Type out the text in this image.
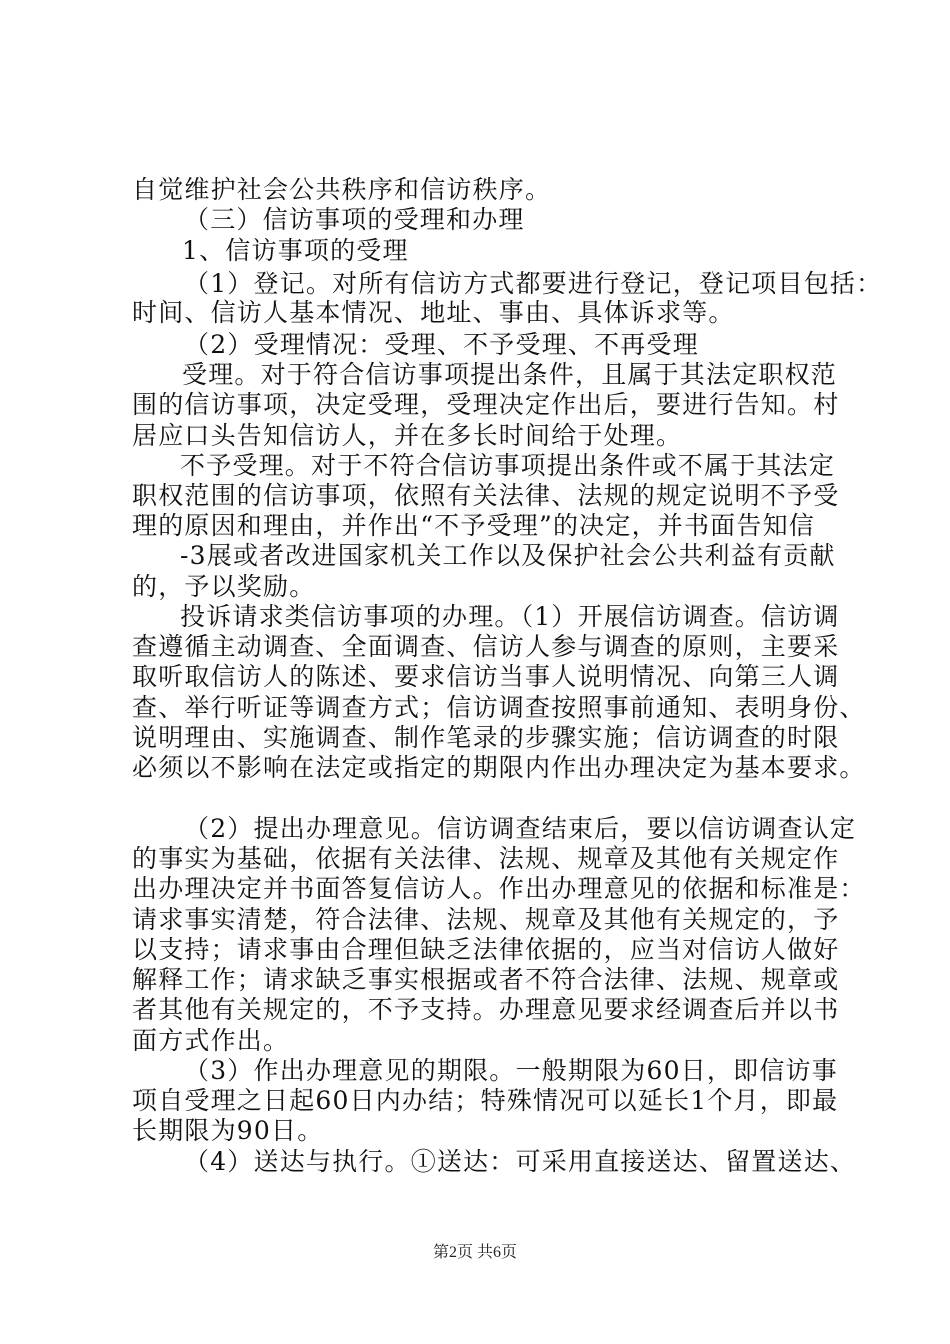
自觉维护社会公共秩序和信访秩序。
（三）信访事项的受理和办理
1、信访事项的受理
（1）登记。对所有信访方式都要进行登记，登记项目包括：
时间、信访人基本情况、地址、事由、具体诉求等。
（2）受理情况：受理、不予受理、不再受理
受理。对于符合信访事项提出条件，且属于其法定职权范
围的信访事项，决定受理，受理决定作出后，要进行告知。村
居应口头告知信访人，并在多长时间给于处理。
不予受理。对于不符合信访事项提出条件或不属于其法定
职权范围的信访事项，依照有关法律、法规的规定说明不予受
理的原因和理由，并作出“不予受理”的决定，并书面告知信
-3展或者改进国家机关工作以及保护社会公共利益有贡献
的，予以奖励。
投诉请求类信访事项的办理。（1）开展信访调查。信访调
查遵循主动调查、全面调查、信访人参与调查的原则，主要采
取听取信访人的陈述、要求信访当事人说明情况、向第三人调
查、举行听证等调查方式；信访调查按照事前通知、表明身份、
说明理由、实施调查、制作笔录的步骤实施；信访调查的时限
必须以不影响在法定或指定的期限内作出办理决定为基本要求。
（2）提出办理意见。信访调查结束后，要以信访调查认定
的事实为基础，依据有关法律、法规、规章及其他有关规定作
出办理决定并书面答复信访人。作出办理意见的依据和标准是：
请求事实清楚，符合法律、法规、规章及其他有关规定的，予
以支持；请求事由合理但缺乏法律依据的，应当对信访人做好
解释工作；请求缺乏事实根据或者不符合法律、法规、规章或
者其他有关规定的，不予支持。办理意见要求经调查后并以书
面方式作出。
（3）作出办理意见的期限。一般期限为60日，即信访事
项自受理之日起60日内办结；特殊情况可以延长1个月，即最
长期限为90日。
（4）送达与执行。①送达：可采用直接送达、留置送达、
第2页 共6页
